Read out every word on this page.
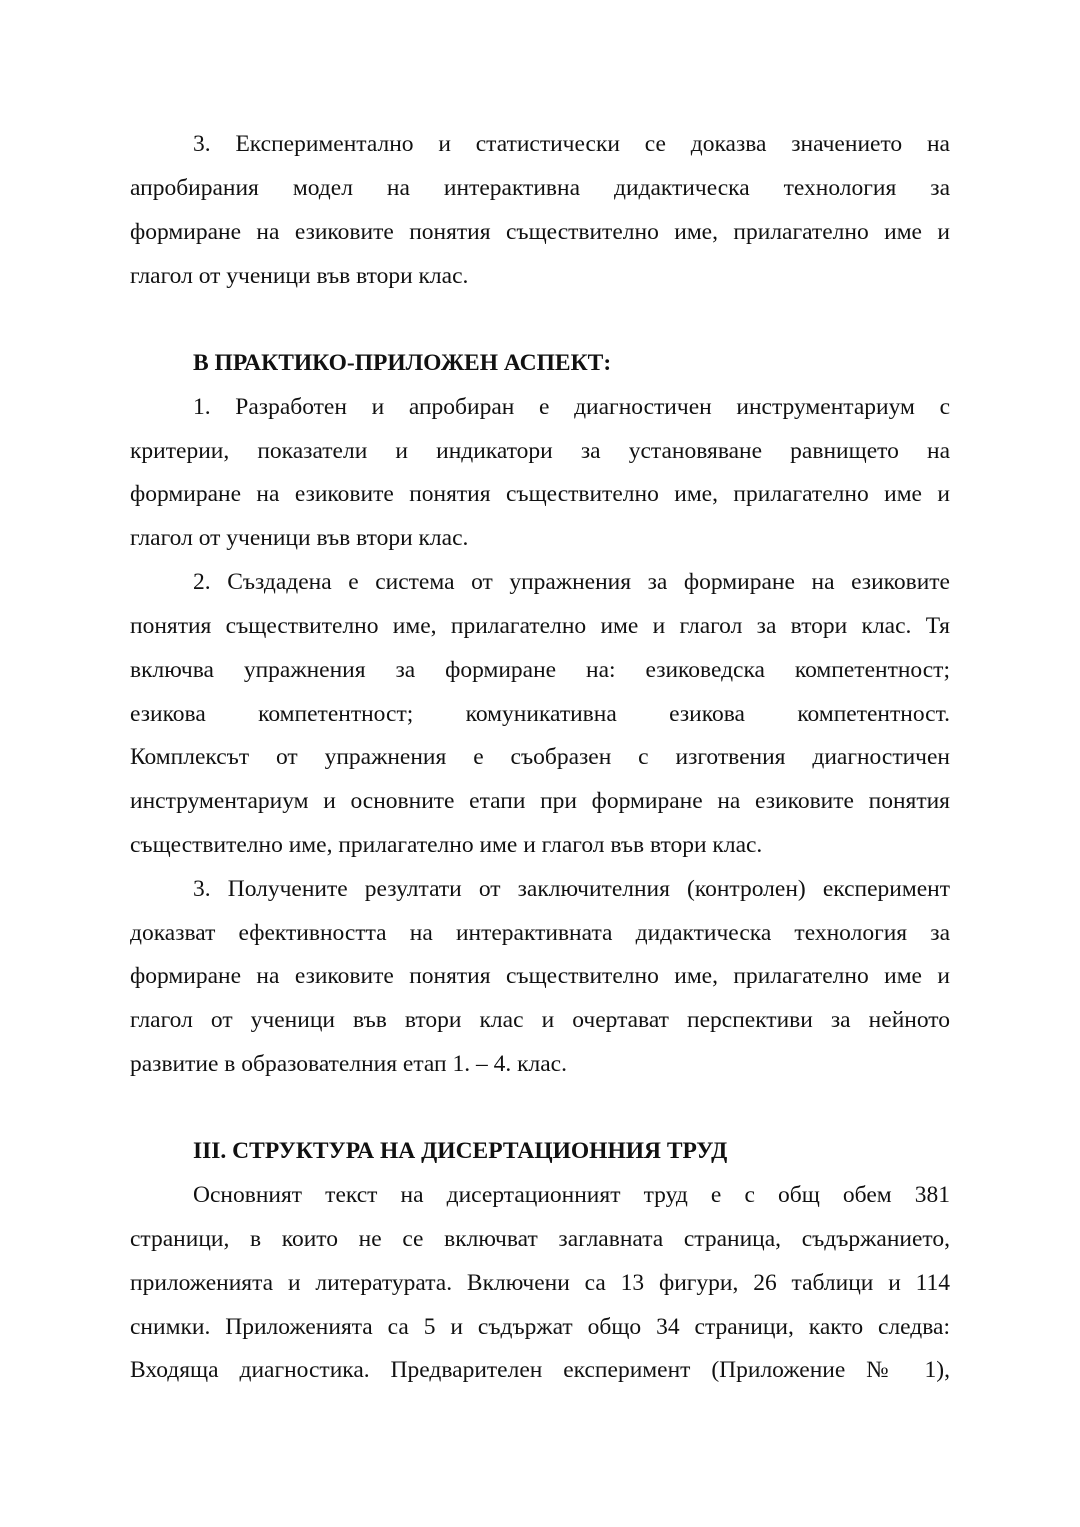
3. Експериментално и статистически се доказва значението на
апробирания модел на интерактивна дидактическа технология за
формиране на езиковите понятия съществително име, прилагателно име и
глагол от ученици във втори клас.
В ПРАКТИКО-ПРИЛОЖЕН АСПЕКТ:
1. Разработен и апробиран е диагностичен инструментариум с
критерии, показатели и индикатори за установяване равнището на
формиране на езиковите понятия съществително име, прилагателно име и
глагол от ученици във втори клас.
2. Създадена е система от упражнения за формиране на езиковите
понятия съществително име, прилагателно име и глагол за втори клас. Тя
включва упражнения за формиране на: езиковедска компетентност;
езикова компетентност; комуникативна езикова компетентност.
Комплексът от упражнения е съобразен с изготвения диагностичен
инструментариум и основните етапи при формиране на езиковите понятия
съществително име, прилагателно име и глагол във втори клас.
3. Получените резултати от заключителния (контролен) експеримент
доказват ефективността на интерактивната дидактическа технология за
формиране на езиковите понятия съществително име, прилагателно име и
глагол от ученици във втори клас и очертават перспективи за нейното
развитие в образователния етап 1. – 4. клас.
III. СТРУКТУРА НА ДИСЕРТАЦИОННИЯ ТРУД
Основният текст на дисертационният труд е с общ обем 381
страници, в които не се включват заглавната страница, съдържанието,
приложенията и литературата. Включени са 13 фигури, 26 таблици и 114
снимки. Приложенията са 5 и съдържат общо 34 страници, както следва:
Входяща диагностика. Предварителен експеримент (Приложение № 1),
